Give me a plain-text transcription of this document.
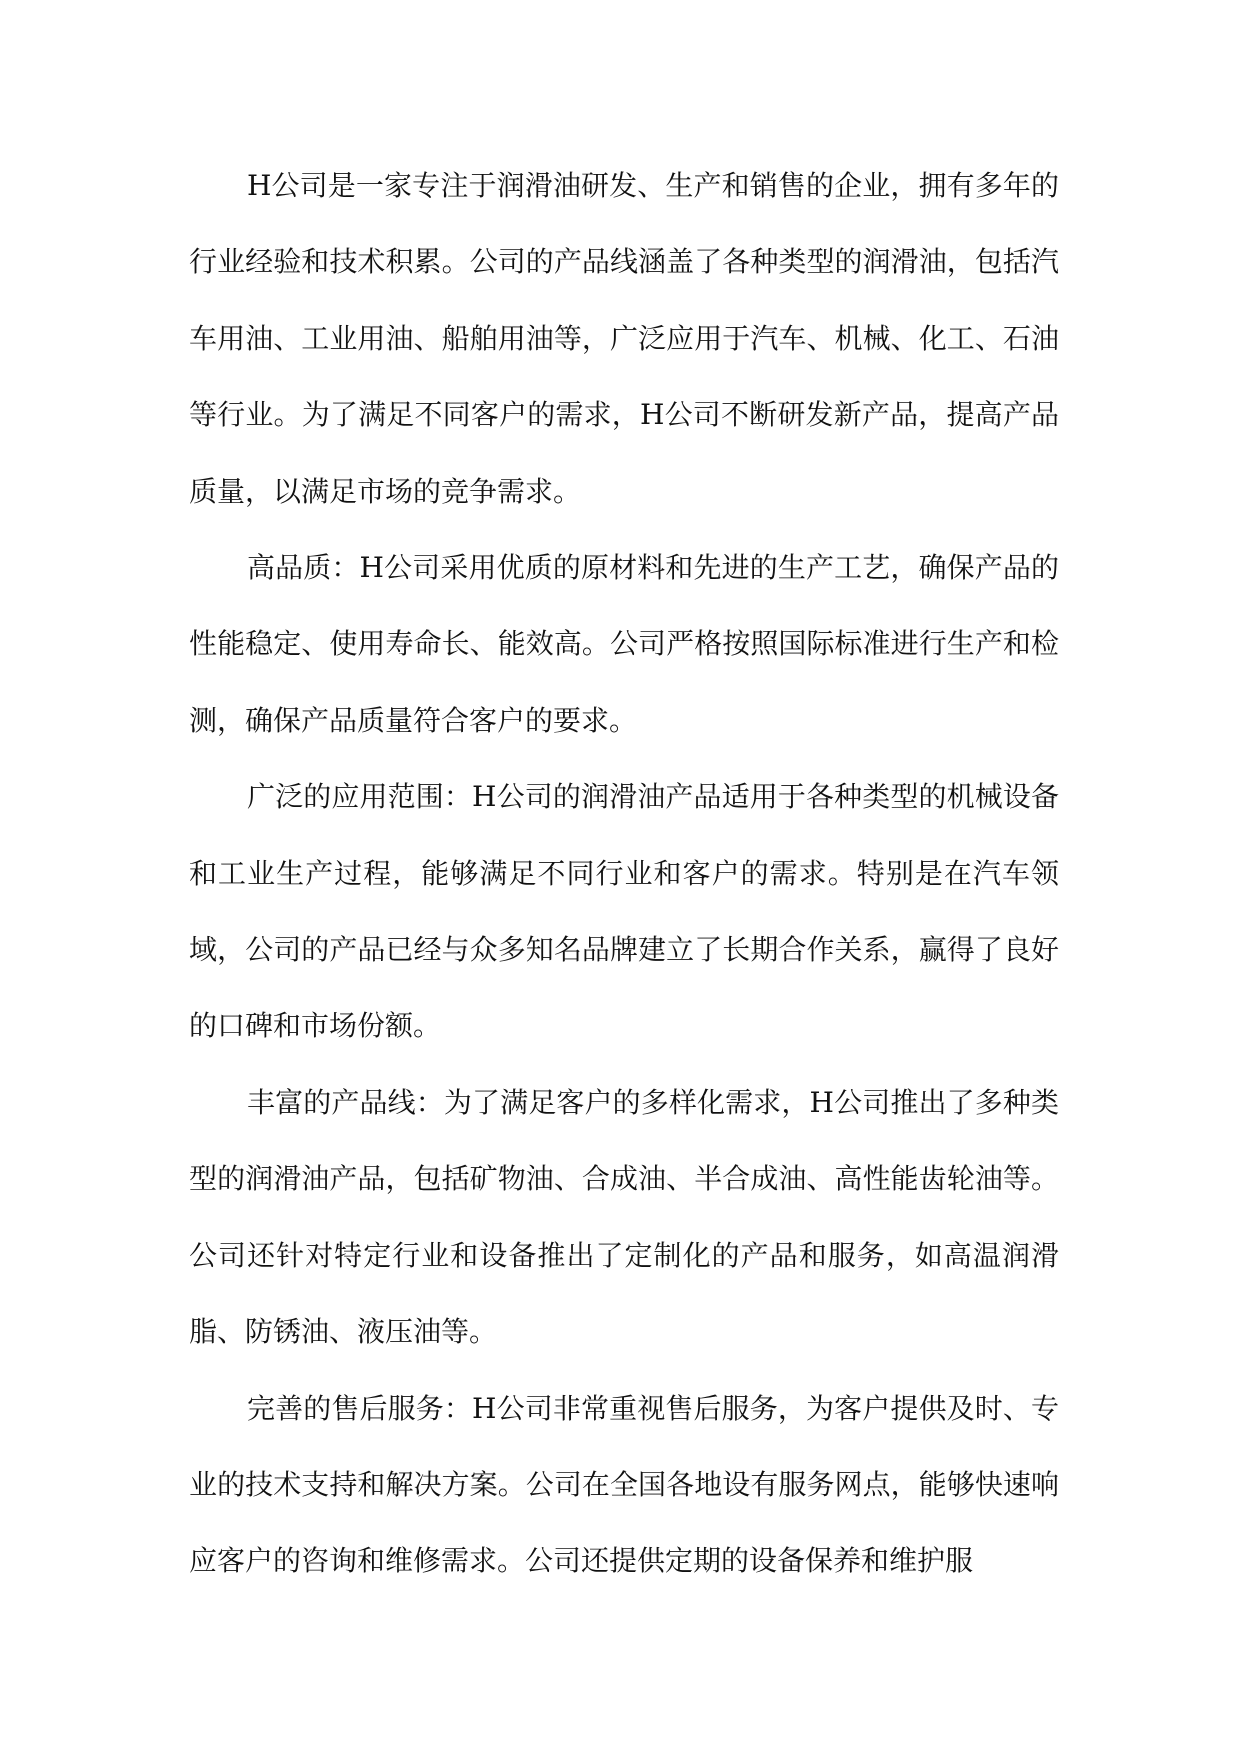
H公司是一家专注于润滑油研发、生产和销售的企业，拥有多年的行业经验和技术积累。公司的产品线涵盖了各种类型的润滑油，包括汽车用油、工业用油、船舶用油等，广泛应用于汽车、机械、化工、石油等行业。为了满足不同客户的需求，H公司不断研发新产品，提高产品质量，以满足市场的竞争需求。

高品质：H公司采用优质的原材料和先进的生产工艺，确保产品的性能稳定、使用寿命长、能效高。公司严格按照国际标准进行生产和检测，确保产品质量符合客户的要求。

广泛的应用范围：H公司的润滑油产品适用于各种类型的机械设备和工业生产过程，能够满足不同行业和客户的需求。特别是在汽车领域，公司的产品已经与众多知名品牌建立了长期合作关系，赢得了良好的口碑和市场份额。

丰富的产品线：为了满足客户的多样化需求，H公司推出了多种类型的润滑油产品，包括矿物油、合成油、半合成油、高性能齿轮油等。公司还针对特定行业和设备推出了定制化的产品和服务，如高温润滑脂、防锈油、液压油等。

完善的售后服务：H公司非常重视售后服务，为客户提供及时、专业的技术支持和解决方案。公司在全国各地设有服务网点，能够快速响应客户的咨询和维修需求。公司还提供定期的设备保养和维护服
